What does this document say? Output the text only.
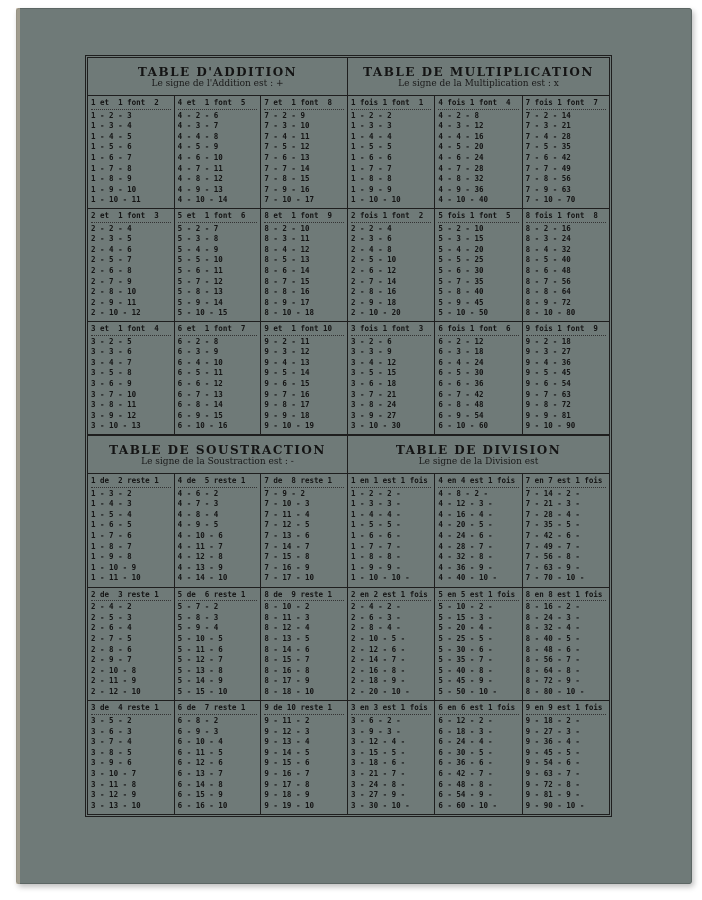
TABLE D'ADDITION
Le signe de l'Addition est : +
1 et  1 font  2
1 - 2 - 3
1 - 3 - 4
1 - 4 - 5
1 - 5 - 6
1 - 6 - 7
1 - 7 - 8
1 - 8 - 9
1 - 9 - 10
1 - 10 - 11
2 et  1 font  3
2 - 2 - 4
2 - 3 - 5
2 - 4 - 6
2 - 5 - 7
2 - 6 - 8
2 - 7 - 9
2 - 8 - 10
2 - 9 - 11
2 - 10 - 12
3 et  1 font  4
3 - 2 - 5
3 - 3 - 6
3 - 4 - 7
3 - 5 - 8
3 - 6 - 9
3 - 7 - 10
3 - 8 - 11
3 - 9 - 12
3 - 10 - 13
4 et  1 font  5
4 - 2 - 6
4 - 3 - 7
4 - 4 - 8
4 - 5 - 9
4 - 6 - 10
4 - 7 - 11
4 - 8 - 12
4 - 9 - 13
4 - 10 - 14
5 et  1 font  6
5 - 2 - 7
5 - 3 - 8
5 - 4 - 9
5 - 5 - 10
5 - 6 - 11
5 - 7 - 12
5 - 8 - 13
5 - 9 - 14
5 - 10 - 15
6 et  1 font  7
6 - 2 - 8
6 - 3 - 9
6 - 4 - 10
6 - 5 - 11
6 - 6 - 12
6 - 7 - 13
6 - 8 - 14
6 - 9 - 15
6 - 10 - 16
7 et  1 font  8
7 - 2 - 9
7 - 3 - 10
7 - 4 - 11
7 - 5 - 12
7 - 6 - 13
7 - 7 - 14
7 - 8 - 15
7 - 9 - 16
7 - 10 - 17
8 et  1 font  9
8 - 2 - 10
8 - 3 - 11
8 - 4 - 12
8 - 5 - 13
8 - 6 - 14
8 - 7 - 15
8 - 8 - 16
8 - 9 - 17
8 - 10 - 18
9 et  1 font 10
9 - 2 - 11
9 - 3 - 12
9 - 4 - 13
9 - 5 - 14
9 - 6 - 15
9 - 7 - 16
9 - 8 - 17
9 - 9 - 18
9 - 10 - 19
TABLE DE MULTIPLICATION
Le signe de la Multiplication est : x
1 fois 1 font  1
1 - 2 - 2
1 - 3 - 3
1 - 4 - 4
1 - 5 - 5
1 - 6 - 6
1 - 7 - 7
1 - 8 - 8
1 - 9 - 9
1 - 10 - 10
2 fois 1 font  2
2 - 2 - 4
2 - 3 - 6
2 - 4 - 8
2 - 5 - 10
2 - 6 - 12
2 - 7 - 14
2 - 8 - 16
2 - 9 - 18
2 - 10 - 20
3 fois 1 font  3
3 - 2 - 6
3 - 3 - 9
3 - 4 - 12
3 - 5 - 15
3 - 6 - 18
3 - 7 - 21
3 - 8 - 24
3 - 9 - 27
3 - 10 - 30
4 fois 1 font  4
4 - 2 - 8
4 - 3 - 12
4 - 4 - 16
4 - 5 - 20
4 - 6 - 24
4 - 7 - 28
4 - 8 - 32
4 - 9 - 36
4 - 10 - 40
5 fois 1 font  5
5 - 2 - 10
5 - 3 - 15
5 - 4 - 20
5 - 5 - 25
5 - 6 - 30
5 - 7 - 35
5 - 8 - 40
5 - 9 - 45
5 - 10 - 50
6 fois 1 font  6
6 - 2 - 12
6 - 3 - 18
6 - 4 - 24
6 - 5 - 30
6 - 6 - 36
6 - 7 - 42
6 - 8 - 48
6 - 9 - 54
6 - 10 - 60
7 fois 1 font  7
7 - 2 - 14
7 - 3 - 21
7 - 4 - 28
7 - 5 - 35
7 - 6 - 42
7 - 7 - 49
7 - 8 - 56
7 - 9 - 63
7 - 10 - 70
8 fois 1 font  8
8 - 2 - 16
8 - 3 - 24
8 - 4 - 32
8 - 5 - 40
8 - 6 - 48
8 - 7 - 56
8 - 8 - 64
8 - 9 - 72
8 - 10 - 80
9 fois 1 font  9
9 - 2 - 18
9 - 3 - 27
9 - 4 - 36
9 - 5 - 45
9 - 6 - 54
9 - 7 - 63
9 - 8 - 72
9 - 9 - 81
9 - 10 - 90
TABLE DE SOUSTRACTION
Le signe de la Soustraction est : -
1 de  2 reste 1
1 - 3 - 2
1 - 4 - 3
1 - 5 - 4
1 - 6 - 5
1 - 7 - 6
1 - 8 - 7
1 - 9 - 8
1 - 10 - 9
1 - 11 - 10
2 de  3 reste 1
2 - 4 - 2
2 - 5 - 3
2 - 6 - 4
2 - 7 - 5
2 - 8 - 6
2 - 9 - 7
2 - 10 - 8
2 - 11 - 9
2 - 12 - 10
3 de  4 reste 1
3 - 5 - 2
3 - 6 - 3
3 - 7 - 4
3 - 8 - 5
3 - 9 - 6
3 - 10 - 7
3 - 11 - 8
3 - 12 - 9
3 - 13 - 10
4 de  5 reste 1
4 - 6 - 2
4 - 7 - 3
4 - 8 - 4
4 - 9 - 5
4 - 10 - 6
4 - 11 - 7
4 - 12 - 8
4 - 13 - 9
4 - 14 - 10
5 de  6 reste 1
5 - 7 - 2
5 - 8 - 3
5 - 9 - 4
5 - 10 - 5
5 - 11 - 6
5 - 12 - 7
5 - 13 - 8
5 - 14 - 9
5 - 15 - 10
6 de  7 reste 1
6 - 8 - 2
6 - 9 - 3
6 - 10 - 4
6 - 11 - 5
6 - 12 - 6
6 - 13 - 7
6 - 14 - 8
6 - 15 - 9
6 - 16 - 10
7 de  8 reste 1
7 - 9 - 2
7 - 10 - 3
7 - 11 - 4
7 - 12 - 5
7 - 13 - 6
7 - 14 - 7
7 - 15 - 8
7 - 16 - 9
7 - 17 - 10
8 de  9 reste 1
8 - 10 - 2
8 - 11 - 3
8 - 12 - 4
8 - 13 - 5
8 - 14 - 6
8 - 15 - 7
8 - 16 - 8
8 - 17 - 9
8 - 18 - 10
9 de 10 reste 1
9 - 11 - 2
9 - 12 - 3
9 - 13 - 4
9 - 14 - 5
9 - 15 - 6
9 - 16 - 7
9 - 17 - 8
9 - 18 - 9
9 - 19 - 10
TABLE DE DIVISION
Le signe de la Division est
1 en 1 est 1 fois
1 - 2 - 2 -
1 - 3 - 3 -
1 - 4 - 4 -
1 - 5 - 5 -
1 - 6 - 6 -
1 - 7 - 7 -
1 - 8 - 8 -
1 - 9 - 9 -
1 - 10 - 10 -
2 en 2 est 1 fois
2 - 4 - 2 -
2 - 6 - 3 -
2 - 8 - 4 -
2 - 10 - 5 -
2 - 12 - 6 -
2 - 14 - 7 -
2 - 16 - 8 -
2 - 18 - 9 -
2 - 20 - 10 -
3 en 3 est 1 fois
3 - 6 - 2 -
3 - 9 - 3 -
3 - 12 - 4 -
3 - 15 - 5 -
3 - 18 - 6 -
3 - 21 - 7 -
3 - 24 - 8 -
3 - 27 - 9 -
3 - 30 - 10 -
4 en 4 est 1 fois
4 - 8 - 2 -
4 - 12 - 3 -
4 - 16 - 4 -
4 - 20 - 5 -
4 - 24 - 6 -
4 - 28 - 7 -
4 - 32 - 8 -
4 - 36 - 9 -
4 - 40 - 10 -
5 en 5 est 1 fois
5 - 10 - 2 -
5 - 15 - 3 -
5 - 20 - 4 -
5 - 25 - 5 -
5 - 30 - 6 -
5 - 35 - 7 -
5 - 40 - 8 -
5 - 45 - 9 -
5 - 50 - 10 -
6 en 6 est 1 fois
6 - 12 - 2 -
6 - 18 - 3 -
6 - 24 - 4 -
6 - 30 - 5 -
6 - 36 - 6 -
6 - 42 - 7 -
6 - 48 - 8 -
6 - 54 - 9 -
6 - 60 - 10 -
7 en 7 est 1 fois
7 - 14 - 2 -
7 - 21 - 3 -
7 - 28 - 4 -
7 - 35 - 5 -
7 - 42 - 6 -
7 - 49 - 7 -
7 - 56 - 8 -
7 - 63 - 9 -
7 - 70 - 10 -
8 en 8 est 1 fois
8 - 16 - 2 -
8 - 24 - 3 -
8 - 32 - 4 -
8 - 40 - 5 -
8 - 48 - 6 -
8 - 56 - 7 -
8 - 64 - 8 -
8 - 72 - 9 -
8 - 80 - 10 -
9 en 9 est 1 fois
9 - 18 - 2 -
9 - 27 - 3 -
9 - 36 - 4 -
9 - 45 - 5 -
9 - 54 - 6 -
9 - 63 - 7 -
9 - 72 - 8 -
9 - 81 - 9 -
9 - 90 - 10 -
